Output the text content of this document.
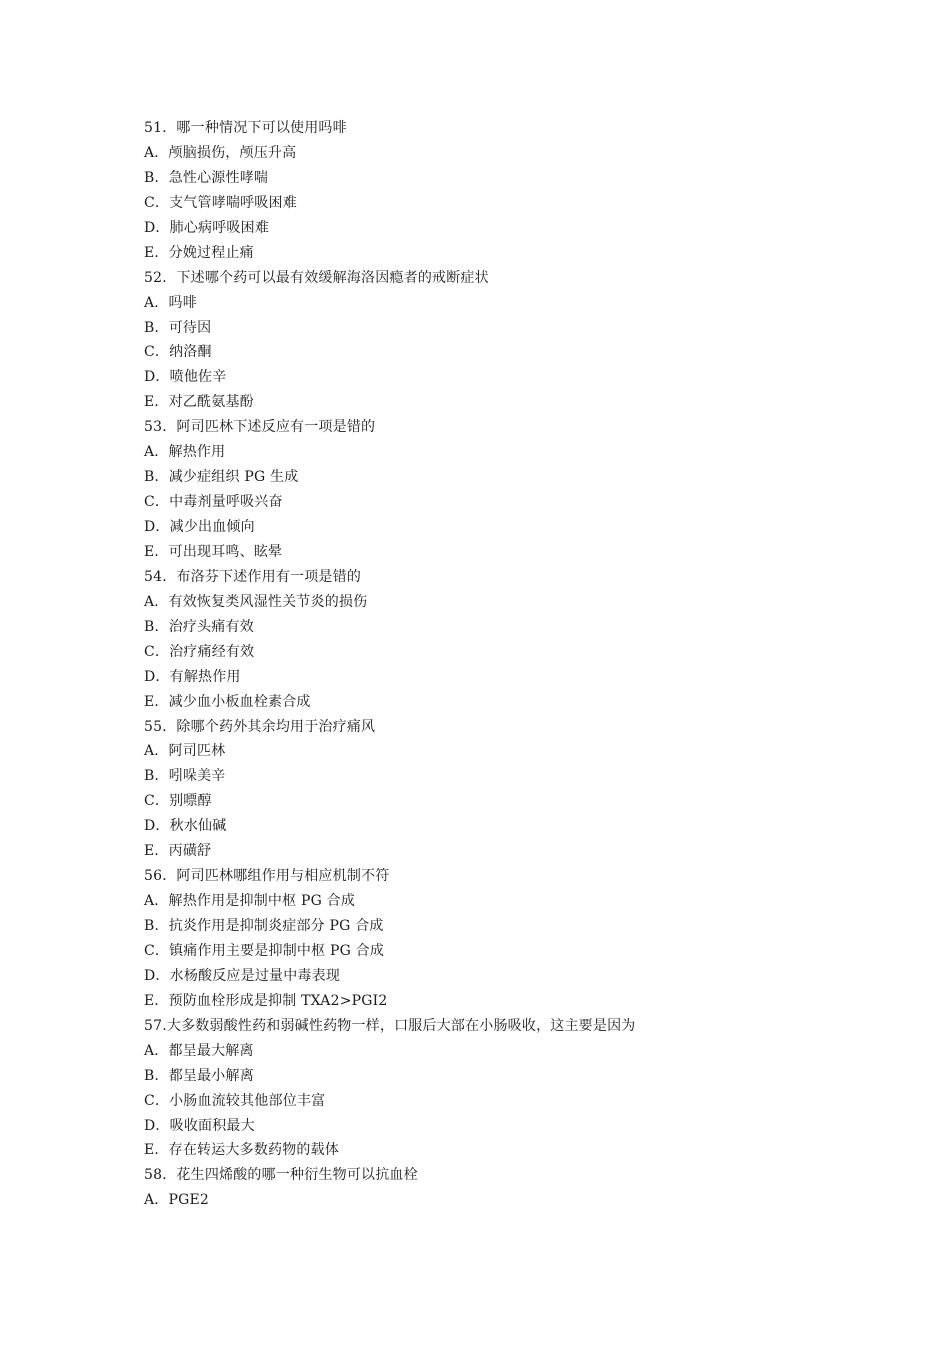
51．哪一种情况下可以使用吗啡
A．颅脑损伤，颅压升高
B．急性心源性哮喘
C．支气管哮喘呼吸困难
D．肺心病呼吸困难
E．分娩过程止痛
52．下述哪个药可以最有效缓解海洛因瘾者的戒断症状
A．吗啡
B．可待因
C．纳洛酮
D．喷他佐辛
E．对乙酰氨基酚
53．阿司匹林下述反应有一项是错的
A．解热作用
B．减少症组织 PG 生成
C．中毒剂量呼吸兴奋
D．减少出血倾向
E．可出现耳鸣、眩晕
54．布洛芬下述作用有一项是错的
A．有效恢复类风湿性关节炎的损伤
B．治疗头痛有效
C．治疗痛经有效
D．有解热作用
E．减少血小板血栓素合成
55．除哪个药外其余均用于治疗痛风
A．阿司匹林
B．吲哚美辛
C．别嘌醇
D．秋水仙碱
E．丙磺舒
56．阿司匹林哪组作用与相应机制不符
A．解热作用是抑制中枢 PG 合成
B．抗炎作用是抑制炎症部分 PG 合成
C．镇痛作用主要是抑制中枢 PG 合成
D．水杨酸反应是过量中毒表现
E．预防血栓形成是抑制 TXA2>PGI2
57.大多数弱酸性药和弱碱性药物一样，口服后大部在小肠吸收，这主要是因为
A．都呈最大解离
B．都呈最小解离
C．小肠血流较其他部位丰富
D．吸收面积最大
E．存在转运大多数药物的载体
58．花生四烯酸的哪一种衍生物可以抗血栓
A．PGE2
